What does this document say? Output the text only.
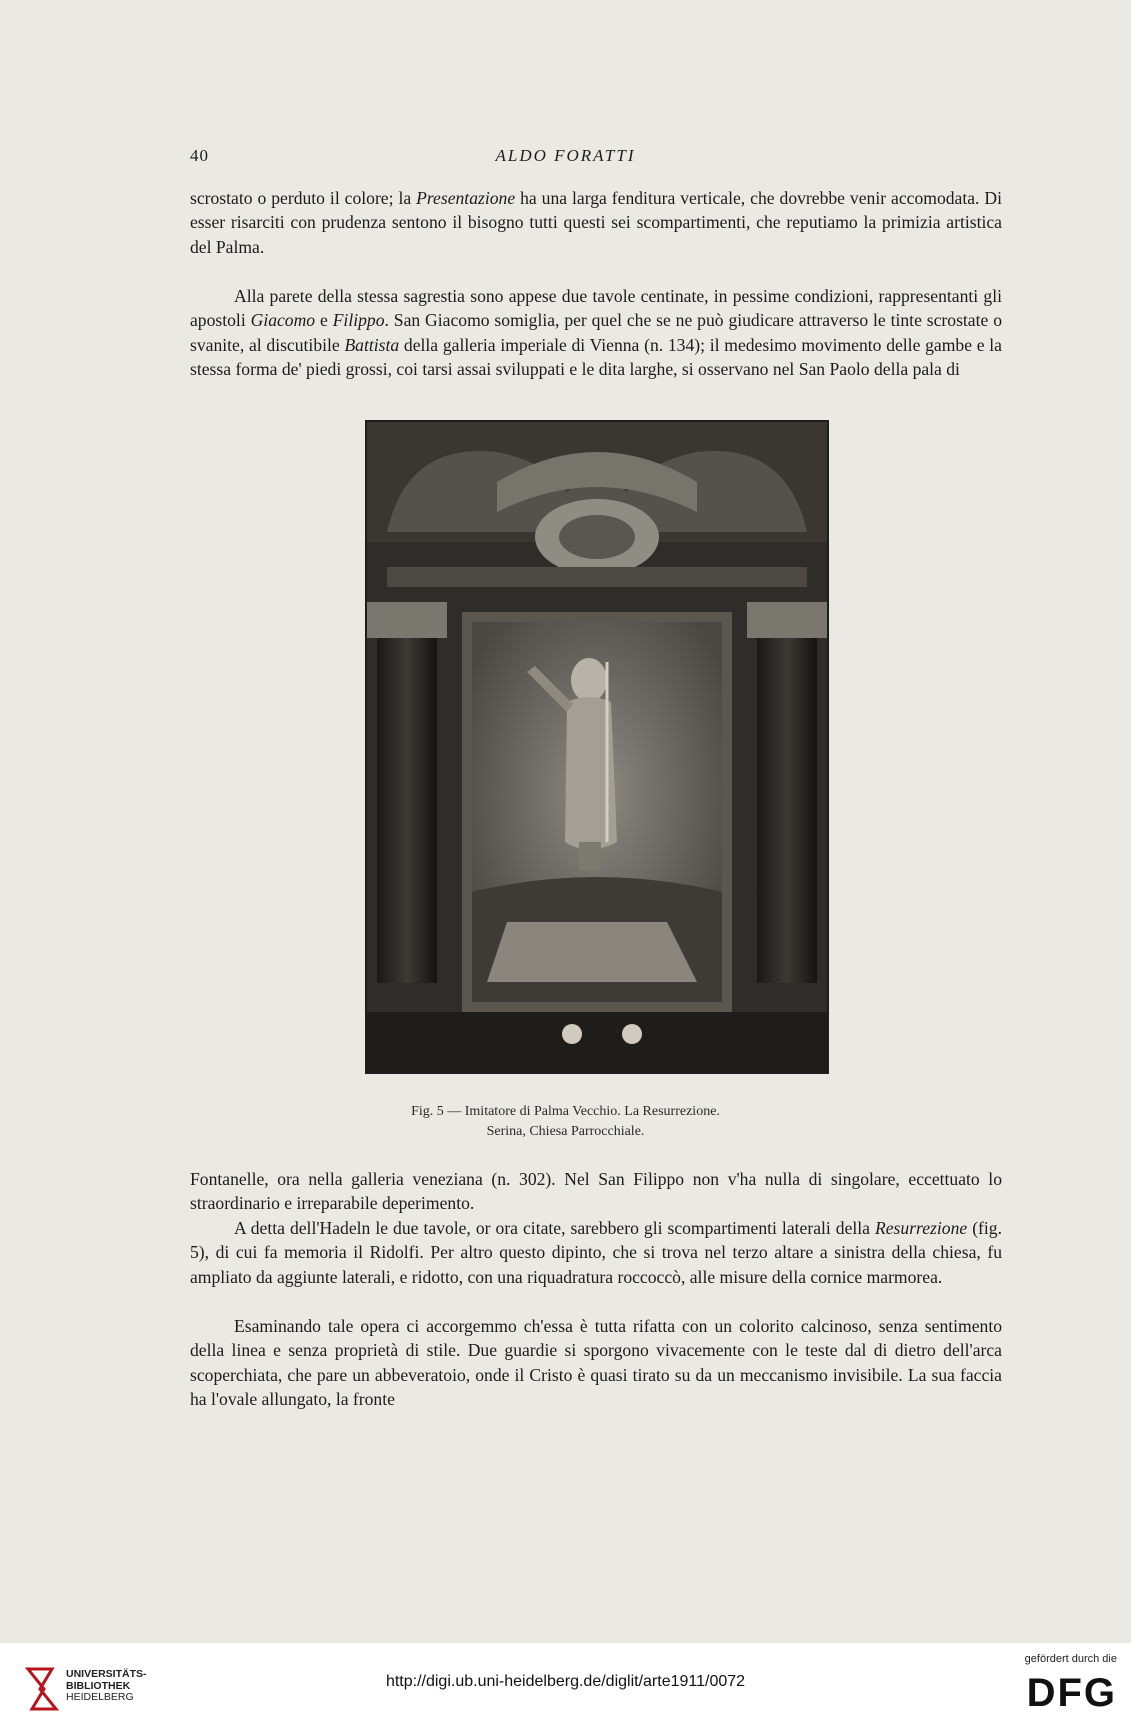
40	ALDO FORATTI

scrostato o perduto il colore; la Presentazione ha una larga fenditura verticale, che dovrebbe venir accomodata. Di esser risarciti con prudenza sentono il bisogno tutti questi sei scompartimenti, che reputiamo la primizia artistica del Palma.

Alla parete della stessa sagrestia sono appese due tavole centinate, in pessime condizioni, rappresentanti gli apostoli Giacomo e Filippo. San Giacomo somiglia, per quel che se ne può giudicare attraverso le tinte scrostate o svanite, al discutibile Battista della galleria imperiale di Vienna (n. 134); il medesimo movimento delle gambe e la stessa forma de' piedi grossi, coi tarsi assai sviluppati e le dita larghe, si osservano nel San Paolo della pala di

Fig. 5 — Imitatore di Palma Vecchio. La Resurrezione.
Serina, Chiesa Parrocchiale.

Fontanelle, ora nella galleria veneziana (n. 302). Nel San Filippo non v'ha nulla di singolare, eccettuato lo straordinario e irreparabile deperimento.

A detta dell'Hadeln le due tavole, or ora citate, sarebbero gli scompartimenti laterali della Resurrezione (fig. 5), di cui fa memoria il Ridolfi. Per altro questo dipinto, che si trova nel terzo altare a sinistra della chiesa, fu ampliato da aggiunte laterali, e ridotto, con una riquadratura roccoccò, alle misure della cornice marmorea.

Esaminando tale opera ci accorgemmo ch'essa è tutta rifatta con un colorito calcinoso, senza sentimento della linea e senza proprietà di stile. Due guardie si sporgono vivacemente con le teste dal di dietro dell'arca scoperchiata, che pare un abbeveratoio, onde il Cristo è quasi tirato su da un meccanismo invisibile. La sua faccia ha l'ovale allungato, la fronte

UNIVERSITÄTS-
BIBLIOTHEK
HEIDELBERG
http://digi.ub.uni-heidelberg.de/diglit/arte1911/0072
gefördert durch die
DFG
